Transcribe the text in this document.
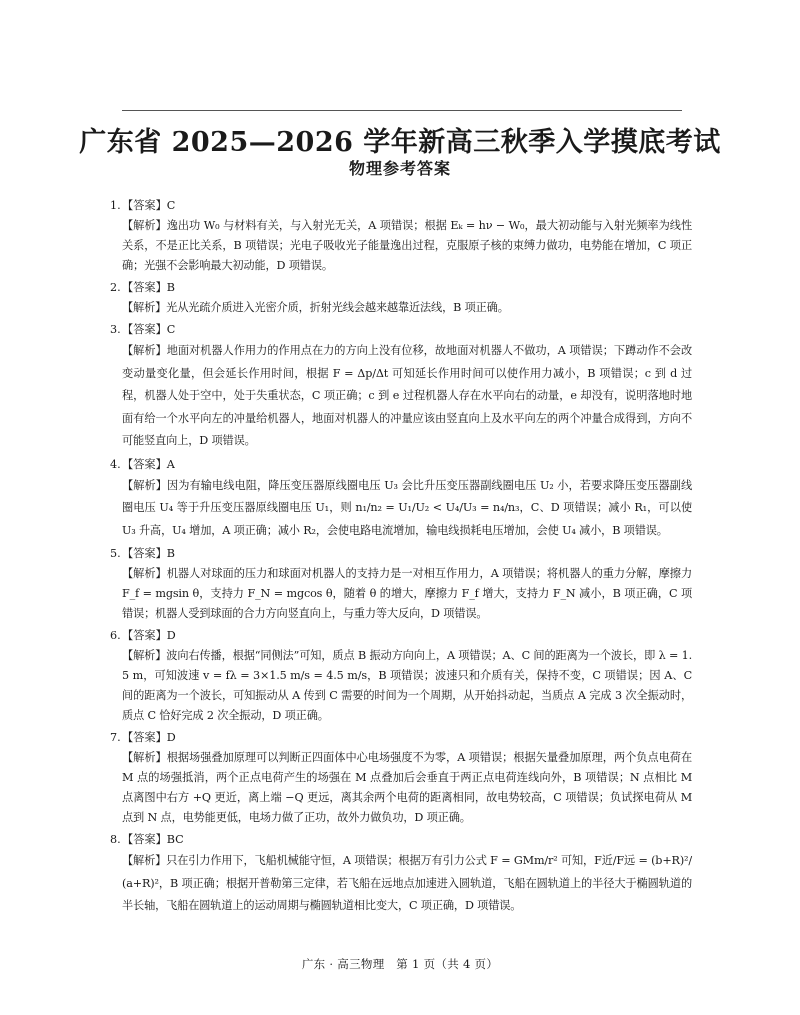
广东省 2025—2026 学年新高三秋季入学摸底考试
物理参考答案
1.【答案】C
【解析】逸出功 W₀ 与材料有关，与入射光无关，A 项错误；根据 Eₖ = hν − W₀，最大初动能与入射光频率为线性关系，不是正比关系，B 项错误；光电子吸收光子能量逸出过程，克服原子核的束缚力做功，电势能在增加，C 项正确；光强不会影响最大初动能，D 项错误。
2.【答案】B
【解析】光从光疏介质进入光密介质，折射光线会越来越靠近法线，B 项正确。
3.【答案】C
【解析】地面对机器人作用力的作用点在力的方向上没有位移，故地面对机器人不做功，A 项错误；下蹲动作不会改变动量变化量，但会延长作用时间，根据 F = Δp/Δt 可知延长作用时间可以使作用力减小，B 项错误；c 到 d 过程，机器人处于空中，处于失重状态，C 项正确；c 到 e 过程机器人存在水平向右的动量，e 却没有，说明落地时地面有给一个水平向左的冲量给机器人，地面对机器人的冲量应该由竖直向上及水平向左的两个冲量合成得到，方向不可能竖直向上，D 项错误。
4.【答案】A
【解析】因为有输电线电阻，降压变压器原线圈电压 U₃ 会比升压变压器副线圈电压 U₂ 小，若要求降压变压器副线圈电压 U₄ 等于升压变压器原线圈电压 U₁，则 n₁/n₂ = U₁/U₂ < U₄/U₃ = n₄/n₃，C、D 项错误；减小 R₁，可以使 U₃ 升高，U₄ 增加，A 项正确；减小 R₂，会使电路电流增加，输电线损耗电压增加，会使 U₄ 减小，B 项错误。
5.【答案】B
【解析】机器人对球面的压力和球面对机器人的支持力是一对相互作用力，A 项错误；将机器人的重力分解，摩擦力 F_f = mgsin θ，支持力 F_N = mgcos θ，随着 θ 的增大，摩擦力 F_f 增大，支持力 F_N 减小，B 项正确，C 项错误；机器人受到球面的合力方向竖直向上，与重力等大反向，D 项错误。
6.【答案】D
【解析】波向右传播，根据“同侧法”可知，质点 B 振动方向向上，A 项错误；A、C 间的距离为一个波长，即 λ = 1.5 m，可知波速 v = fλ = 3×1.5 m/s = 4.5 m/s，B 项错误；波速只和介质有关，保持不变，C 项错误；因 A、C 间的距离为一个波长，可知振动从 A 传到 C 需要的时间为一个周期，从开始抖动起，当质点 A 完成 3 次全振动时，质点 C 恰好完成 2 次全振动，D 项正确。
7.【答案】D
【解析】根据场强叠加原理可以判断正四面体中心电场强度不为零，A 项错误；根据矢量叠加原理，两个负点电荷在 M 点的场强抵消，两个正点电荷产生的场强在 M 点叠加后会垂直于两正点电荷连线向外，B 项错误；N 点相比 M 点离图中右方 +Q 更近，离上端 −Q 更远，离其余两个电荷的距离相同，故电势较高，C 项错误；负试探电荷从 M 点到 N 点，电势能更低，电场力做了正功，故外力做负功，D 项正确。
8.【答案】BC
【解析】只在引力作用下，飞船机械能守恒，A 项错误；根据万有引力公式 F = GMm/r² 可知，F近/F远 = (b+R)²/(a+R)²，B 项正确；根据开普勒第三定律，若飞船在远地点加速进入圆轨道，飞船在圆轨道上的半径大于椭圆轨道的半长轴，飞船在圆轨道上的运动周期与椭圆轨道相比变大，C 项正确，D 项错误。
广东 · 高三物理　第 1 页（共 4 页）
